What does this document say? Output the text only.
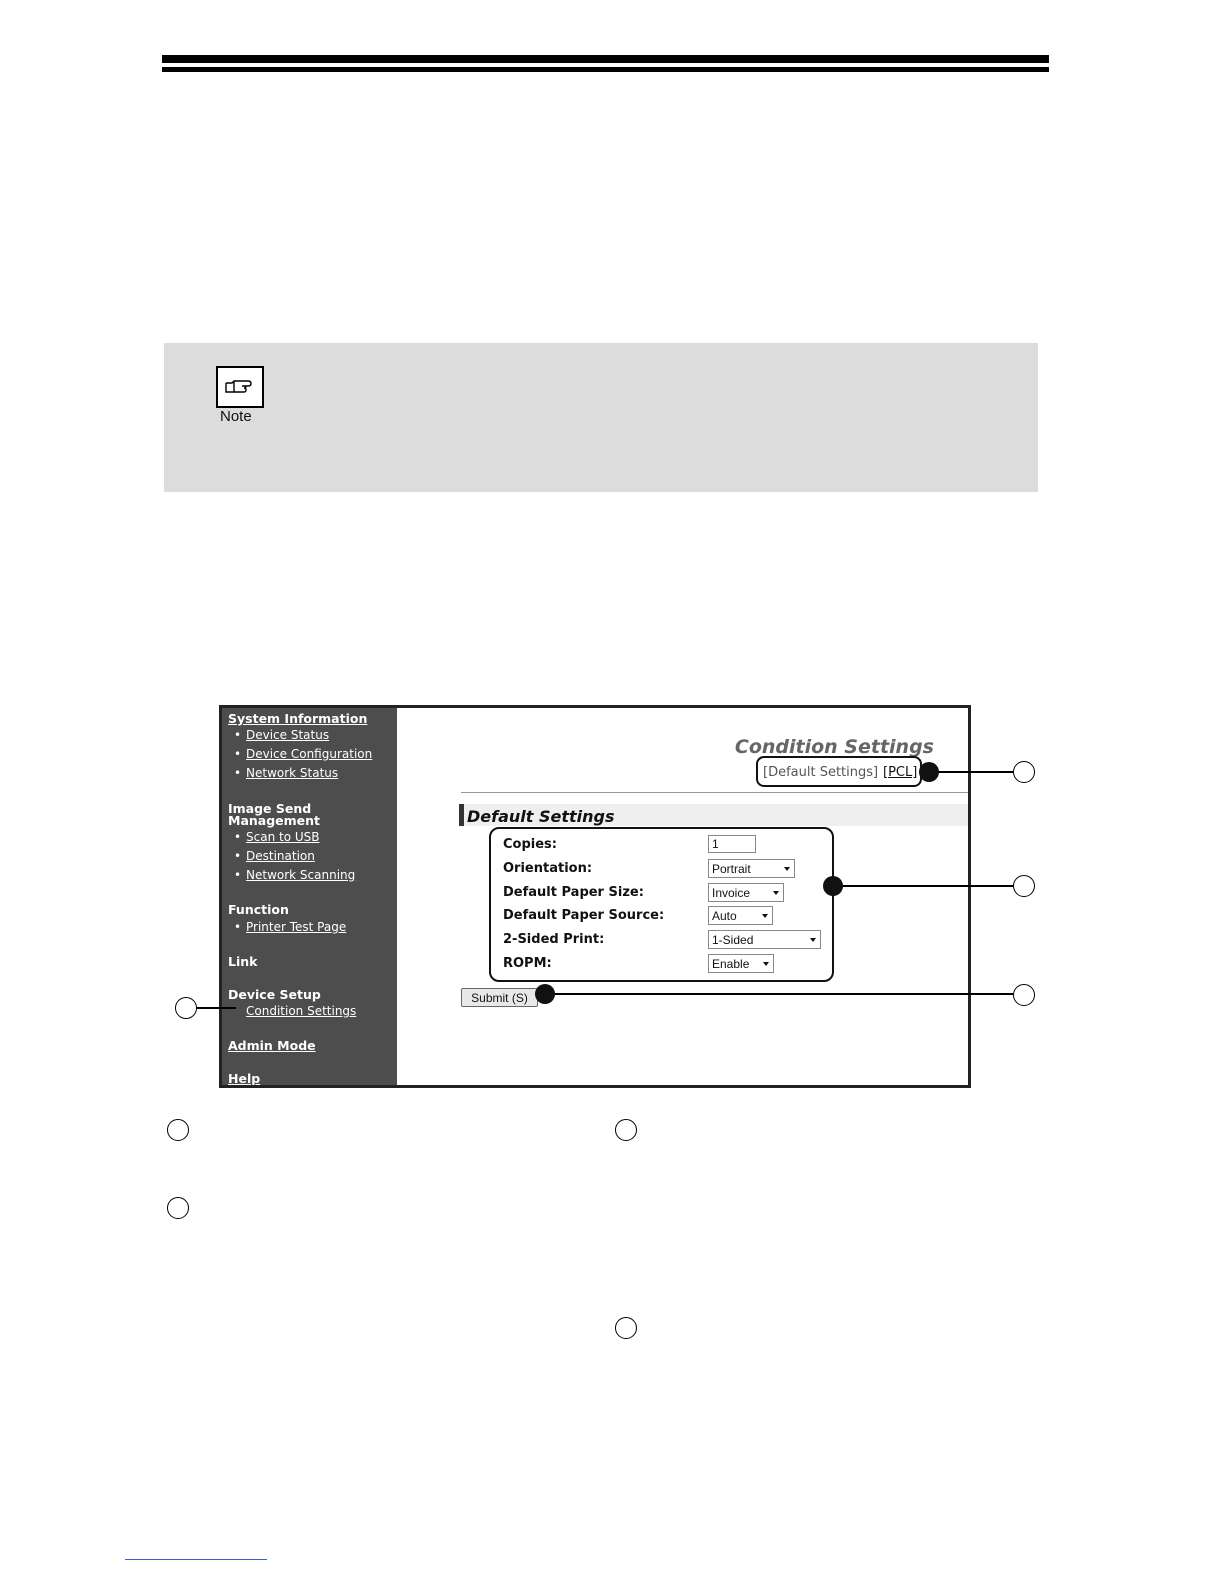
Note
System Information
• Device Status
• Device Configuration
• Network Status
Image Send
Management
• Scan to USB
• Destination
• Network Scanning
Function
• Printer Test Page
Link
Device Setup
Condition Settings
Admin Mode
Help
Condition Settings
[Default Settings] [PCL]
Default Settings
Copies:	1
Orientation:	Portrait
Default Paper Size:	Invoice
Default Paper Source:	Auto
2-Sided Print:	1-Sided
ROPM:	Enable
Submit (S)
